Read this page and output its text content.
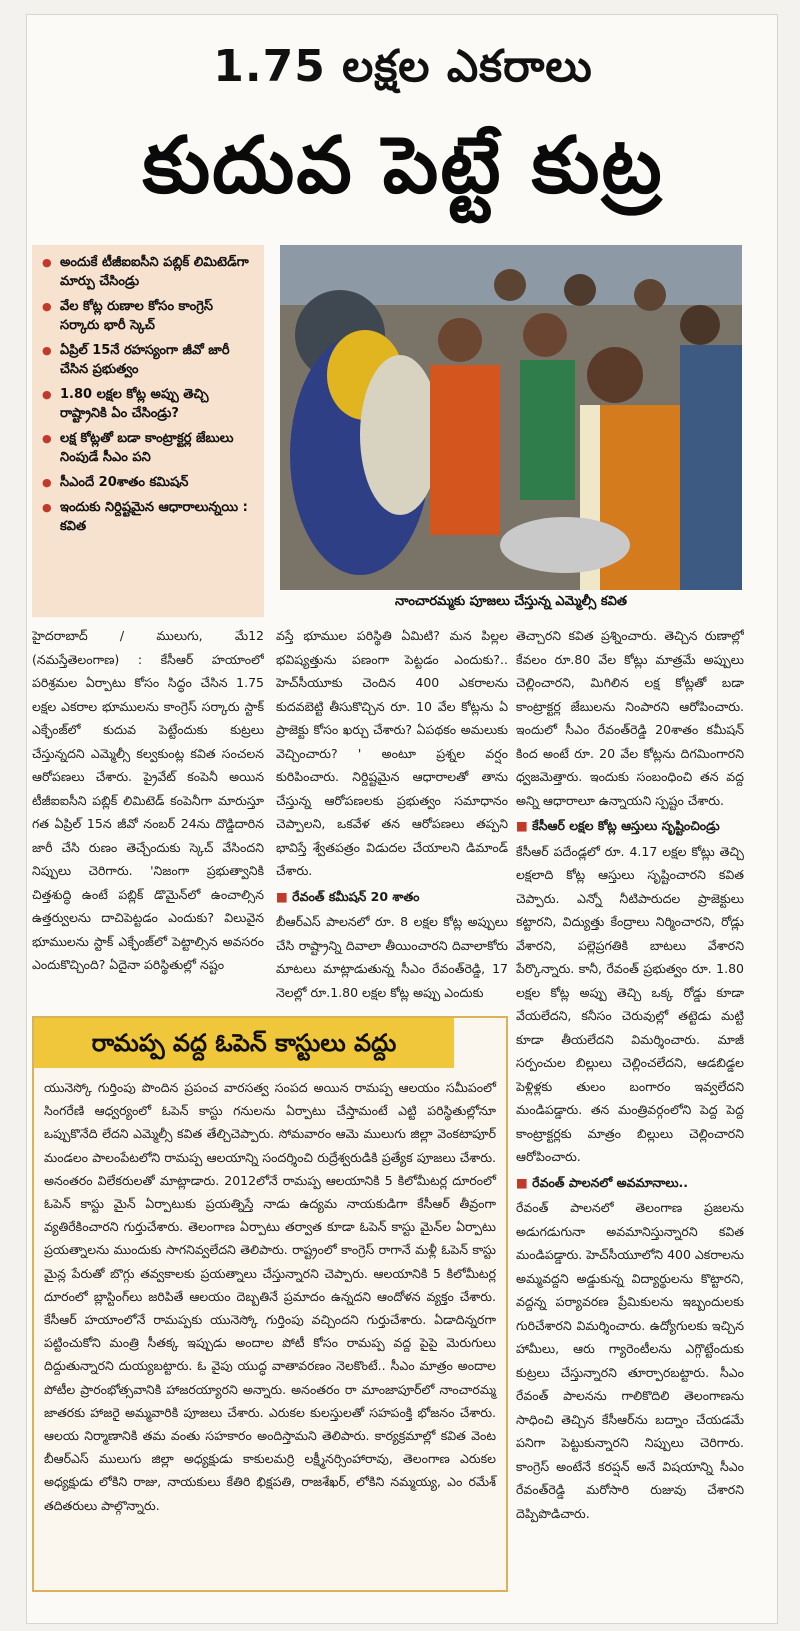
1.75 లక్షల ఎకరాలు
కుదువ పెట్టే కుట్ర
● అందుకే టీజీఐఐసీని పబ్లిక్ లిమిటెడ్‌గా మార్పు చేసిండ్రు
● వేల కోట్ల రుణాల కోసం కాంగ్రెస్ సర్కారు భారీ స్కెచ్
● ఏప్రిల్ 15నే రహస్యంగా జీవో జారీ చేసిన ప్రభుత్వం
● 1.80 లక్షల కోట్ల అప్పు తెచ్చి రాష్ట్రానికి ఏం చేసిండ్రు?
● లక్ష కోట్లతో బడా కాంట్రాక్టర్ల జేబులు నింపుడే సీఎం పని
● సీఎందే 20శాతం కమిషన్
● ఇందుకు నిర్దిష్టమైన ఆధారాలున్నయి : కవిత
నాంచారమ్మకు పూజలు చేస్తున్న ఎమ్మెల్సీ కవిత

హైదరాబాద్ / ములుగు, మే12 (నమస్తేతెలంగాణ) : కేసీఆర్ హయాంలో పరిశ్రమల ఏర్పాటు కోసం సిద్ధం చేసిన 1.75 లక్షల ఎకరాల భూములను కాంగ్రెస్ సర్కారు స్టాక్ ఎక్ఛేంజ్‌లో కుదువ పెట్టేందుకు కుట్రలు చేస్తున్నదని ఎమ్మెల్సీ కల్వకుంట్ల కవిత సంచలన ఆరోపణలు చేశారు. ప్రైవేట్ కంపెనీ అయిన టీజీఐఐసీని పబ్లిక్ లిమిటెడ్ కంపెనీగా మారుస్తూ గత ఏప్రిల్ 15న జీవో నంబర్ 24ను దొడ్డిదారిన జారీ చేసి రుణం తెచ్చేందుకు స్కెచ్ వేసిందని నిప్పులు చెరిగారు. 'నిజంగా ప్రభుత్వానికి చిత్తశుద్ధి ఉంటే పబ్లిక్ డొమైన్‌లో ఉంచాల్సిన ఉత్తర్వులను దాచిపెట్టడం ఎందుకు? విలువైన భూములను స్టాక్ ఎక్ఛేంజ్‌లో పెట్టాల్సిన అవసరం ఎందుకొచ్చింది? ఏదైనా పరిస్థితుల్లో నష్టం

వస్తే భూముల పరిస్థితి ఏమిటి? మన పిల్లల భవిష్యత్తును పణంగా పెట్టడం ఎందుకు?.. హెచ్‌సీయూకు చెందిన 400 ఎకరాలను కుదవబెట్టి తీసుకొచ్చిన రూ. 10 వేల కోట్లను ఏ ప్రాజెక్టు కోసం ఖర్చు చేశారు? ఏపథకం అమలుకు వెచ్చించారు? ' అంటూ ప్రశ్నల వర్షం కురిపించారు. నిర్దిష్టమైన ఆధారాలతో తాను చేస్తున్న ఆరోపణలకు ప్రభుత్వం సమాధానం చెప్పాలని, ఒకవేళ తన ఆరోపణలు తప్పని భావిస్తే శ్వేతపత్రం విడుదల చేయాలని డిమాండ్ చేశారు.

■ రేవంత్ కమీషన్ 20 శాతం

బీఆర్‌ఎస్ పాలనలో రూ. 8 లక్షల కోట్ల అప్పులు చేసి రాష్ట్రాన్ని దివాలా తీయించారని దివాలాకోరు మాటలు మాట్లాడుతున్న సీఎం రేవంత్‌రెడ్డి, 17 నెలల్లో రూ.1.80 లక్షల కోట్ల అప్పు ఎందుకు

తెచ్చారని కవిత ప్రశ్నించారు. తెచ్చిన రుణాల్లో కేవలం రూ.80 వేల కోట్లు మాత్రమే అప్పులు చెల్లించారని, మిగిలిన లక్ష కోట్లతో బడా కాంట్రాక్టర్ల జేబులను నింపారని ఆరోపించారు. ఇందులో సీఎం రేవంత్‌రెడ్డి 20శాతం కమీషన్ కింద అంటే రూ. 20 వేల కోట్లను దిగమింగారని ధ్వజమెత్తారు. ఇందుకు సంబంధించి తన వద్ద అన్ని ఆధారాలూ ఉన్నాయని స్పష్టం చేశారు.

■ కేసీఆర్ లక్షల కోట్ల ఆస్తులు సృష్టించిండ్రు

కేసీఆర్ పదేండ్లలో రూ. 4.17 లక్షల కోట్లు తెచ్చి లక్షలాది కోట్ల ఆస్తులు సృష్టించారని కవిత చెప్పారు. ఎన్నో నీటిపారుదల ప్రాజెక్టులు కట్టారని, విద్యుత్తు కేంద్రాలు నిర్మించారని, రోడ్లు వేశారని, పల్లెప్రగతికి బాటలు వేశారని పేర్కొన్నారు. కానీ, రేవంత్ ప్రభుత్వం రూ. 1.80 లక్షల కోట్ల అప్పు తెచ్చి ఒక్క రోడ్డు కూడా వేయలేదని, కనీసం చెరువుల్లో తట్టెడు మట్టి కూడా తీయలేదని విమర్శించారు. మాజీ సర్పంచుల బిల్లులు చెల్లించలేదని, ఆడబిడ్డల పెళ్లిళ్లకు తులం బంగారం ఇవ్వలేదని మండిపడ్డారు. తన మంత్రివర్గంలోని పెద్ద పెద్ద కాంట్రాక్టర్లకు మాత్రం బిల్లులు చెల్లించారని ఆరోపించారు.

■ రేవంత్ పాలనలో అవమానాలు..

రేవంత్ పాలనలో తెలంగాణ ప్రజలను అడుగడుగునా అవమానిస్తున్నారని కవిత మండిపడ్డారు. హెచ్‌సీయూలోని 400 ఎకరాలను అమ్మవద్దని అడ్డుకున్న విద్యార్థులను కొట్టారని, వద్దన్న పర్యావరణ ప్రేమికులను ఇబ్బందులకు గురిచేశారని విమర్శించారు. ఉద్యోగులకు ఇచ్చిన హామీలు, ఆరు గ్యారెంటీలను ఎగ్గొట్టేందుకు కుట్రలు చేస్తున్నారని తూర్పారబట్టారు. సీఎం రేవంత్ పాలనను గాలికొదిలి తెలంగాణను సాధించి తెచ్చిన కేసీఆర్‌ను బద్నాం చేయడమే పనిగా పెట్టుకున్నారని నిప్పులు చెరిగారు. కాంగ్రెస్ అంటేనే కరప్షన్ అనే విషయాన్ని సీఎం రేవంత్‌రెడ్డి మరోసారి రుజువు చేశారని దెప్పిపొడిచారు.

రామప్ప వద్ద ఓపెన్ కాస్టులు వద్దు
యునెస్కో గుర్తింపు పొందిన ప్రపంచ వారసత్వ సంపద అయిన రామప్ప ఆలయం సమీపంలో సింగరేణి ఆధ్వర్యంలో ఓపెన్ కాస్టు గనులను ఏర్పాటు చేస్తామంటే ఎట్టి పరిస్థితుల్లోనూ ఒప్పుకొనేది లేదని ఎమ్మెల్సీ కవిత తేల్చిచెప్పారు. సోమవారం ఆమె ములుగు జిల్లా వెంకటాపూర్ మండలం పాలంపేటలోని రామప్ప ఆలయాన్ని సందర్శించి రుద్రేశ్వరుడికి ప్రత్యేక పూజలు చేశారు. అనంతరం విలేకరులతో మాట్లాడారు. 2012లోనే రామప్ప ఆలయానికి 5 కిలోమీటర్ల దూరంలో ఓపెన్ కాస్టు మైన్ ఏర్పాటుకు ప్రయత్నిస్తే నాడు ఉద్యమ నాయకుడిగా కేసీఆర్ తీవ్రంగా వ్యతిరేకించారని గుర్తుచేశారు. తెలంగాణ ఏర్పాటు తర్వాత కూడా ఓపెన్ కాస్టు మైన్‌ల ఏర్పాటు ప్రయత్నాలను ముందుకు సాగనివ్వలేదని తెలిపారు. రాష్ట్రంలో కాంగ్రెస్ రాగానే మళ్లీ ఓపెన్ కాస్టు మైన్ల పేరుతో బొగ్గు తవ్వకాలకు ప్రయత్నాలు చేస్తున్నారని చెప్పారు. ఆలయానికి 5 కిలోమీటర్ల దూరంలో బ్లాస్టింగ్‌లు జరిపితే ఆలయం దెబ్బతినే ప్రమాదం ఉన్నదని ఆందోళన వ్యక్తం చేశారు. కేసీఆర్ హయాంలోనే రామప్పకు యునెస్కో గుర్తింపు వచ్చిందని గుర్తుచేశారు. ఏడాదిన్నరగా పట్టించుకోని మంత్రి సీతక్క ఇప్పుడు అందాల పోటీ కోసం రామప్ప వద్ద పైపై మెరుగులు దిద్దుతున్నారని దుయ్యబట్టారు. ఓ వైపు యుద్ధ వాతావరణం నెలకొంటే.. సీఎం మాత్రం అందాల పోటీల ప్రారంభోత్సవానికి హాజరయ్యారని అన్నారు. అనంతరం రా మాంజాపూర్‌లో నాంచారమ్మ జాతరకు హాజరై అమ్మవారికి పూజలు చేశారు. ఎరుకల కులస్తులతో సహపంక్తి భోజనం చేశారు. ఆలయ నిర్మాణానికి తమ వంతు సహకారం అందిస్తామని తెలిపారు. కార్యక్రమాల్లో కవిత వెంట బీఆర్‌ఎస్ ములుగు జిల్లా అధ్యక్షుడు కాకులమర్రి లక్ష్మీనర్సింహారావు, తెలంగాణ ఎరుకల అధ్యక్షుడు లోకిని రాజు, నాయకులు కేతిరి భిక్షపతి, రాజశేఖర్, లోకిని నమ్మయ్య, ఎం రమేశ్ తదితరులు పాల్గొన్నారు.
